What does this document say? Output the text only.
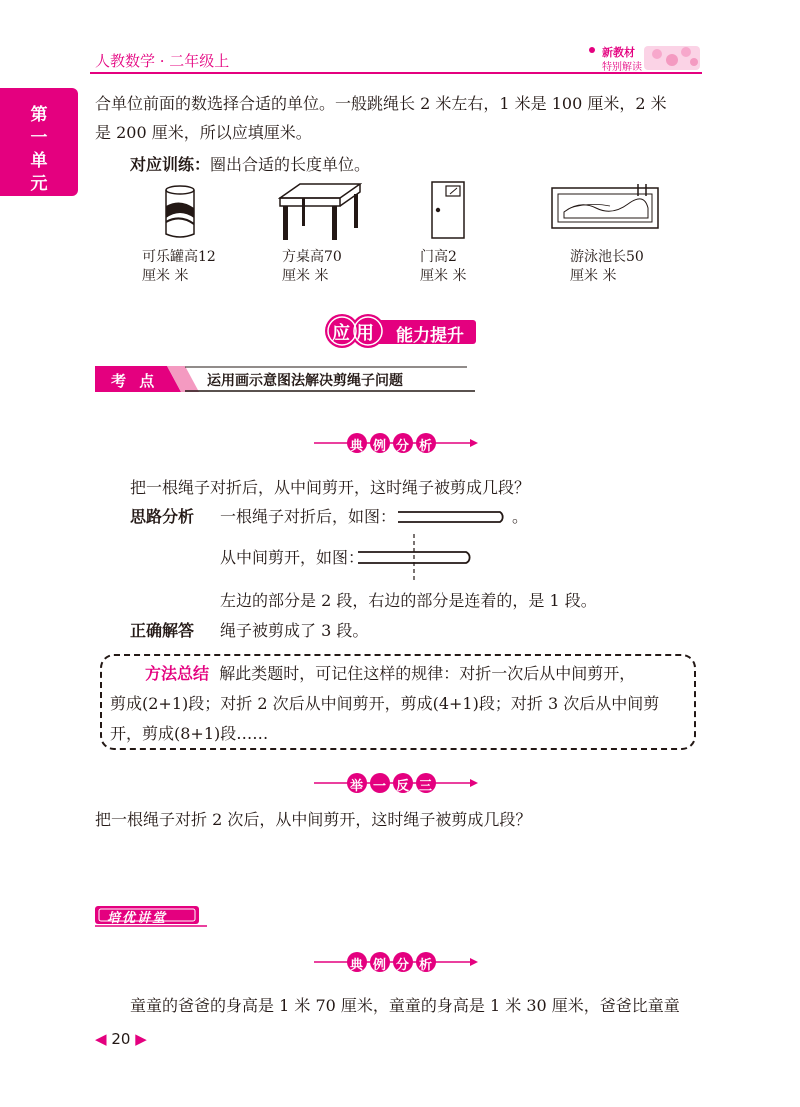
人教数学 · 二年级上	新教材
特别解读
第
一
单
元
合单位前面的数选择合适的单位。一般跳绳长 2 米左右，1 米是 100 厘米，2 米
是 200 厘米，所以应填厘米。
对应训练：圈出合适的长度单位。
可乐罐高12
厘米 米
方桌高70
厘米 米
门高2
厘米 米
游泳池长50
厘米 米
应用 能力提升
考 点	运用画示意图法解决剪绳子问题
典 例 分 析
把一根绳子对折后，从中间剪开，这时绳子被剪成几段？
思路分析 一根绳子对折后，如图：	。
从中间剪开，如图：
左边的部分是 2 段，右边的部分是连着的，是 1 段。
正确解答 绳子被剪成了 3 段。
方法总结 解此类题时，可记住这样的规律：对折一次后从中间剪开，
剪成(2+1)段；对折 2 次后从中间剪开，剪成(4+1)段；对折 3 次后从中间剪
开，剪成(8+1)段……
举 一 反 三
把一根绳子对折 2 次后，从中间剪开，这时绳子被剪成几段？
培优讲堂
典 例 分 析
童童的爸爸的身高是 1 米 70 厘米，童童的身高是 1 米 30 厘米，爸爸比童童
◀ 20 ▶
